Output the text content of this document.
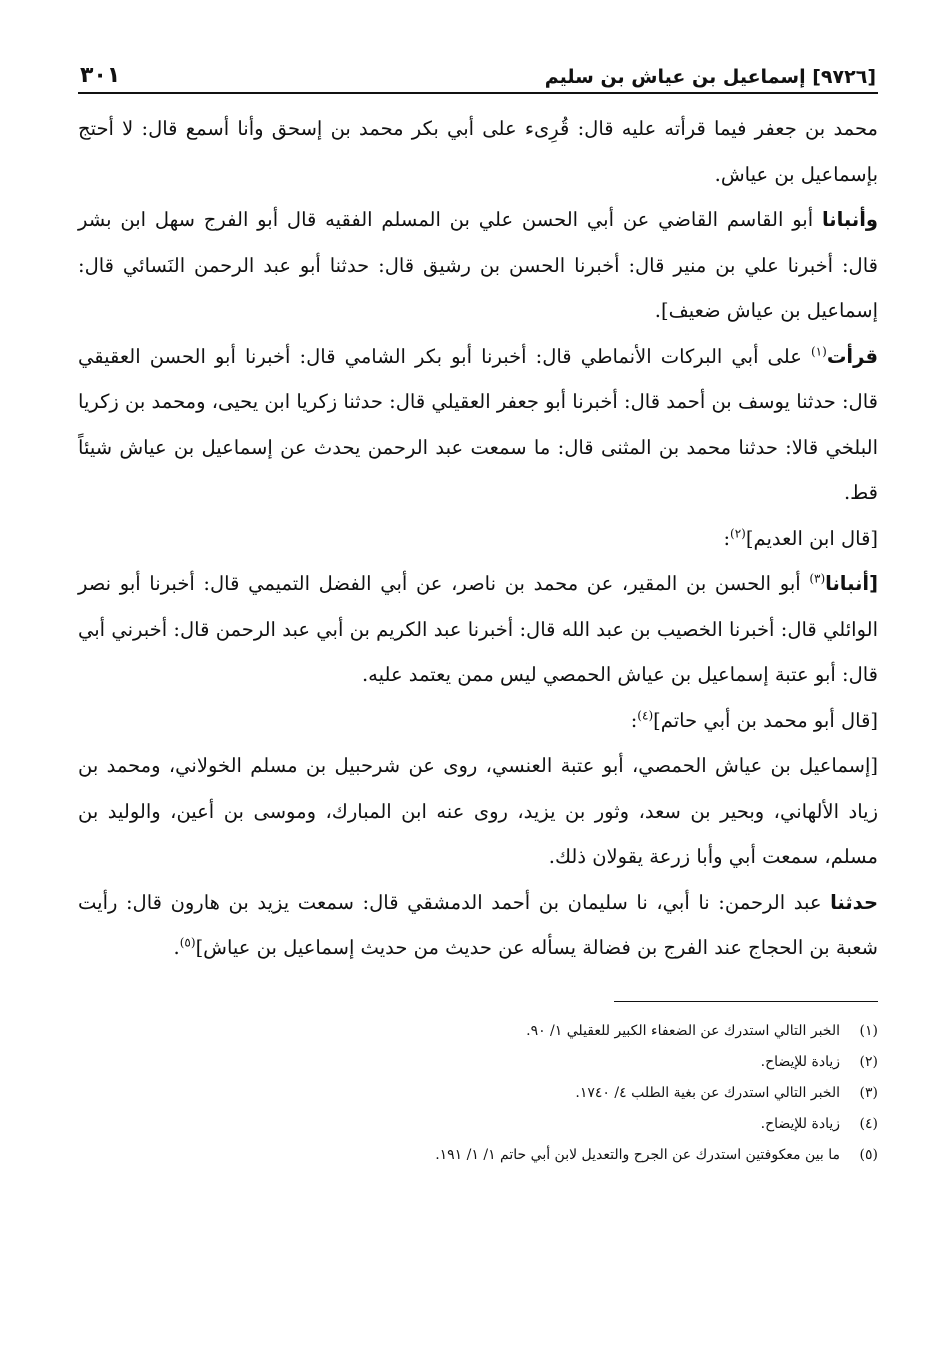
[٩٧٢٦] إسماعيل بن عياش بن سليم
٣٠١

محمد بن جعفر فيما قرأته عليه قال: قُرِىء على أبي بكر محمد بن إسحق وأنا أسمع قال: لا أحتج بإسماعيل بن عياش.

وأنبانا أبو القاسم القاضي عن أبي الحسن علي بن المسلم الفقيه قال أبو الفرج سهل ابن بشر قال: أخبرنا علي بن منير قال: أخبرنا الحسن بن رشيق قال: حدثنا أبو عبد الرحمن النَسائي قال: إسماعيل بن عياش ضعيف].

قرأت$^{(١)}$ على أبي البركات الأنماطي قال: أخبرنا أبو بكر الشامي قال: أخبرنا أبو الحسن العقيقي قال: حدثنا يوسف بن أحمد قال: أخبرنا أبو جعفر العقيلي قال: حدثنا زكريا ابن يحيى، ومحمد بن زكريا البلخي قالا: حدثنا محمد بن المثنى قال: ما سمعت عبد الرحمن يحدث عن إسماعيل بن عياش شيئاً قط.

[قال ابن العديم]$^{(٢)}$:

[أنبانا$^{(٣)}$ أبو الحسن بن المقير، عن محمد بن ناصر، عن أبي الفضل التميمي قال: أخبرنا أبو نصر الوائلي قال: أخبرنا الخصيب بن عبد الله قال: أخبرنا عبد الكريم بن أبي عبد الرحمن قال: أخبرني أبي قال: أبو عتبة إسماعيل بن عياش الحمصي ليس ممن يعتمد عليه.

[قال أبو محمد بن أبي حاتم]$^{(٤)}$:

[إسماعيل بن عياش الحمصي، أبو عتبة العنسي، روى عن شرحبيل بن مسلم الخولاني، ومحمد بن زياد الألهاني، وبحير بن سعد، وثور بن يزيد، روى عنه ابن المبارك، وموسى بن أعين، والوليد بن مسلم، سمعت أبي وأبا زرعة يقولان ذلك.

حدثنا عبد الرحمن: نا أبي، نا سليمان بن أحمد الدمشقي قال: سمعت يزيد بن هارون قال: رأيت شعبة بن الحجاج عند الفرج بن فضالة يسأله عن حديث من حديث إسماعيل بن عياش]$^{(٥)}$.

(١)
الخبر التالي استدرك عن الضعفاء الكبير للعقيلي ١/ ٩٠.
(٢)
زيادة للإيضاح.
(٣)
الخبر التالي استدرك عن بغية الطلب ٤/ ١٧٤٠.
(٤)
زيادة للإيضاح.
(٥)
ما بين معكوفتين استدرك عن الجرح والتعديل لابن أبي حاتم ١/ ١/ ١٩١.
